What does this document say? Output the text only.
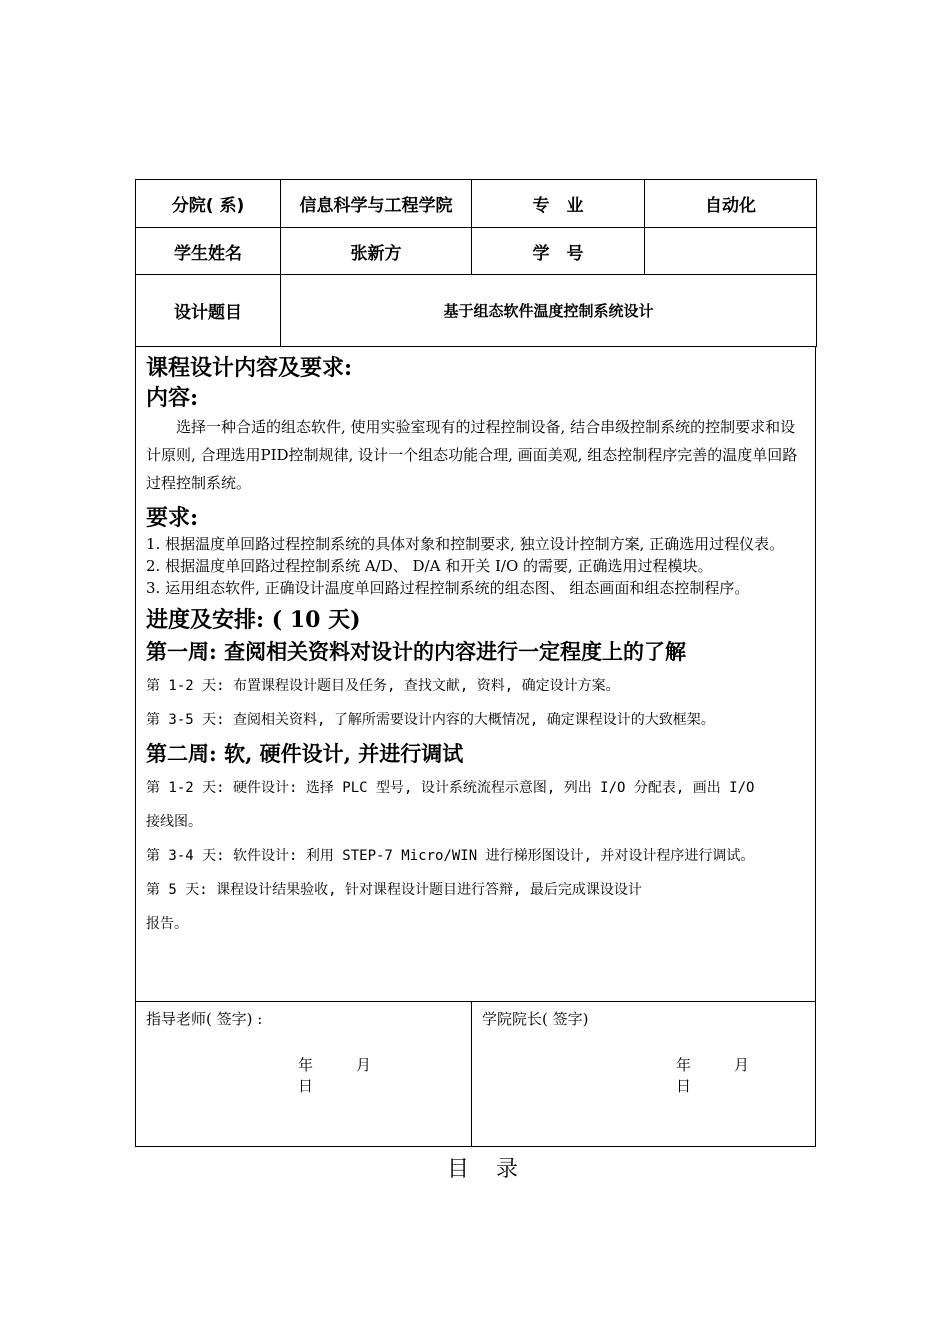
分院( 系)	信息科学与工程学院	专　业	自动化
学生姓名	张新方	学　号	
设计题目	基于组态软件温度控制系统设计		

课程设计内容及要求:

内容:

选择一种合适的组态软件, 使用实验室现有的过程控制设备, 结合串级控制系统的控制要求和设计原则, 合理选用PID控制规律, 设计一个组态功能合理, 画面美观, 组态控制程序完善的温度单回路过程控制系统。

要求:

1. 根据温度单回路过程控制系统的具体对象和控制要求, 独立设计控制方案, 正确选用过程仪表。

2. 根据温度单回路过程控制系统 A/D、 D/A 和开关 I/O 的需要, 正确选用过程模块。

3. 运用组态软件, 正确设计温度单回路过程控制系统的组态图、 组态画面和组态控制程序。

进度及安排: ( 10 天)

第一周: 查阅相关资料对设计的内容进行一定程度上的了解

第 1-2 天: 布置课程设计题目及任务, 查找文献, 资料, 确定设计方案。

第 3-5 天: 查阅相关资料, 了解所需要设计内容的大概情况, 确定课程设计的大致框架。

第二周: 软, 硬件设计, 并进行调试

第 1-2 天: 硬件设计: 选择 PLC 型号, 设计系统流程示意图, 列出 I/O 分配表, 画出 I/O

接线图。

第 3-4 天: 软件设计: 利用 STEP-7 Micro/WIN 进行梯形图设计, 并对设计程序进行调试。

第 5 天: 课程设计结果验收, 针对课程设计题目进行答辩, 最后完成课设设计

报告。

指导老师( 签字) :
年	月日
学院院长( 签字)
年	月日
目 录
